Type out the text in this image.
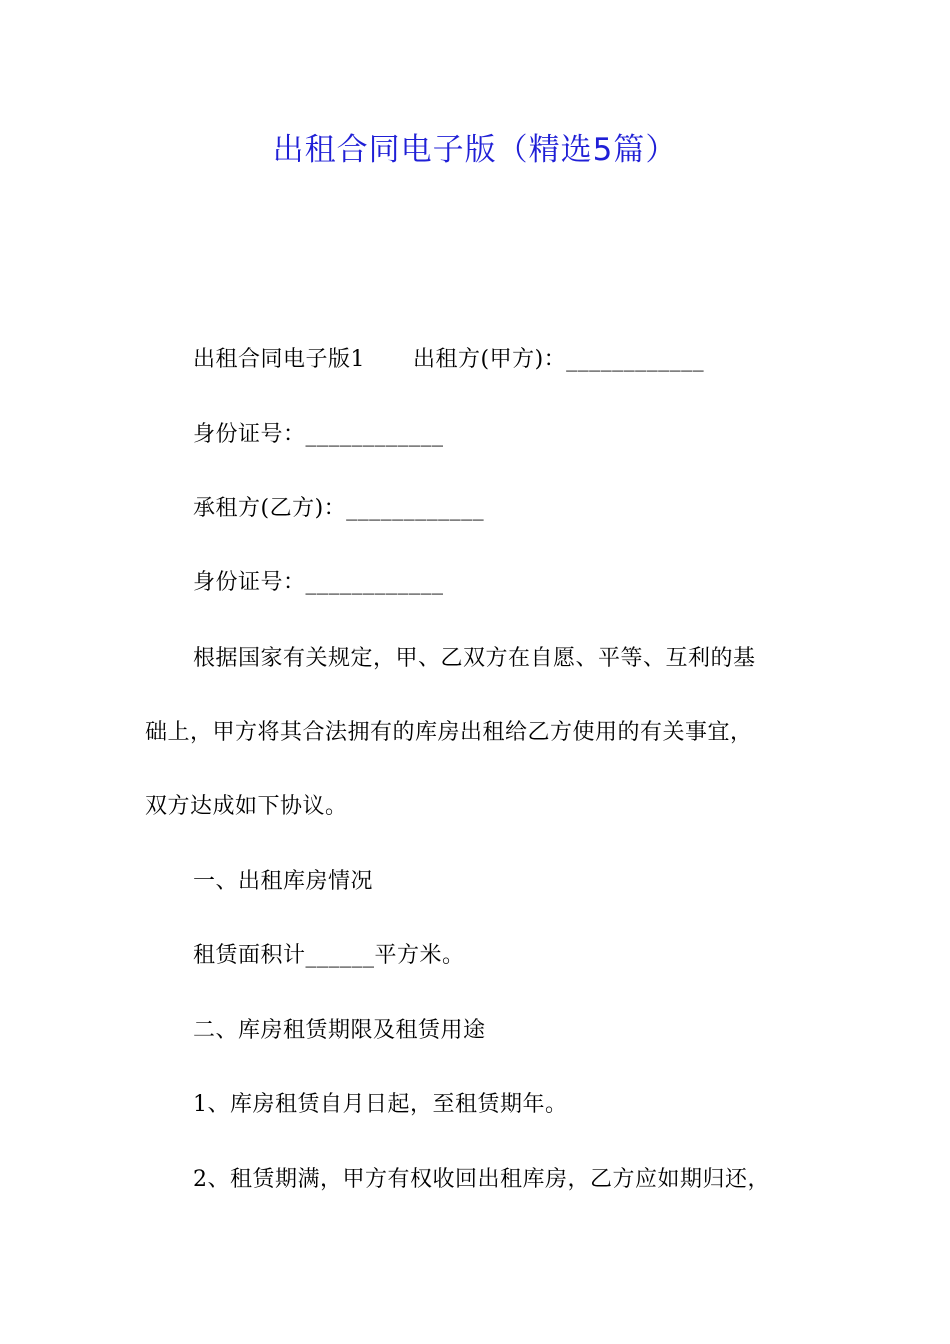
出租合同电子版（精选5篇）
出租合同电子版1 出租方(甲方)：____________
身份证号：____________
承租方(乙方)：____________
身份证号：____________
根据国家有关规定，甲、乙双方在自愿、平等、互利的基
础上，甲方将其合法拥有的库房出租给乙方使用的有关事宜，
双方达成如下协议。
一、出租库房情况
租赁面积计______平方米。
二、库房租赁期限及租赁用途
1、库房租赁自月日起，至租赁期年。
2、租赁期满，甲方有权收回出租库房，乙方应如期归还，
